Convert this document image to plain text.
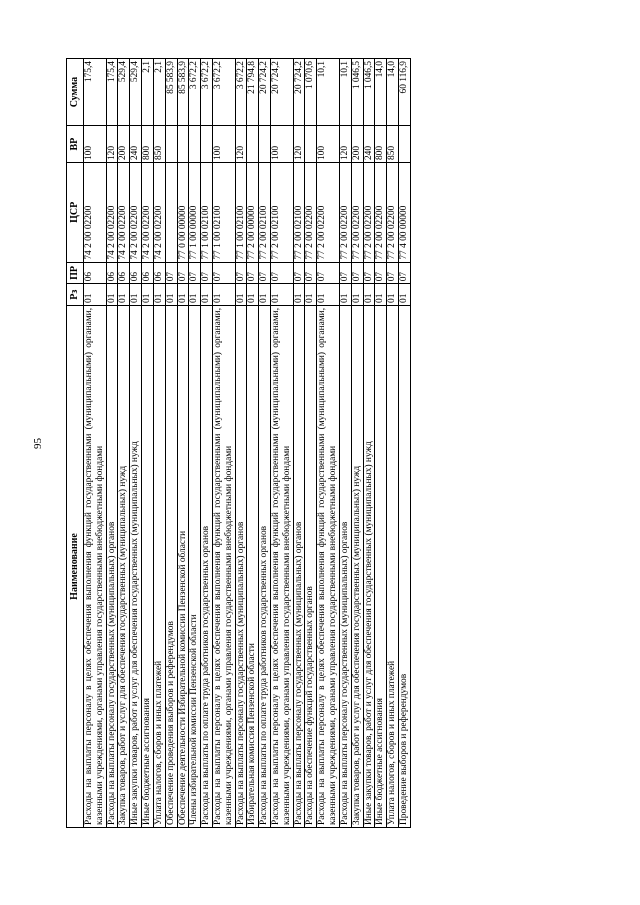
95
Наименование	Рз	ПР	ЦСР	ВР	Сумма
Расходы на выплаты персоналу в целях обеспечения выполнения функций государственными (муниципальными) органами, казенными учреждениями, органами управления государственными внебюджетными фондами	01	06	74 2 00 02200	100	175,4
Расходы на выплаты персоналу государственных (муниципальных) органов	01	06	74 2 00 02200	120	175,4
Закупка товаров, работ и услуг для обеспечения государственных (муниципальных) нужд	01	06	74 2 00 02200	200	529,4
Иные закупки товаров, работ и услуг для обеспечения государственных (муниципальных) нужд	01	06	74 2 00 02200	240	529,4
Иные бюджетные ассигнования	01	06	74 2 00 02200	800	2,1
Уплата налогов, сборов и иных платежей	01	06	74 2 00 02200	850	2,1
Обеспечение проведения выборов и референдумов	01	07			85 583,9
Обеспечение деятельности Избирательной комиссии Пензенской области	01	07	77 0 00 00000		85 583,9
Члены избирательной комиссии Пензенской области	01	07	77 1 00 00000		3 672,2
Расходы на выплаты по оплате труда работников государственных органов	01	07	77 1 00 02100		3 672,2
Расходы на выплаты персоналу в целях обеспечения выполнения функций государственными (муниципальными) органами, казенными учреждениями, органами управления государственными внебюджетными фондами	01	07	77 1 00 02100	100	3 672,2
Расходы на выплаты персоналу государственных (муниципальных) органов	01	07	77 1 00 02100	120	3 672,2
Избирательная комиссия Пензенской области	01	07	77 2 00 00000		21 794,8
Расходы на выплаты по оплате труда работников государственных органов	01	07	77 2 00 02100		20 724,2
Расходы на выплаты персоналу в целях обеспечения выполнения функций государственными (муниципальными) органами, казенными учреждениями, органами управления государственными внебюджетными фондами	01	07	77 2 00 02100	100	20 724,2
Расходы на выплаты персоналу государственных (муниципальных) органов	01	07	77 2 00 02100	120	20 724,2
Расходы на обеспечение функций государственных органов	01	07	77 2 00 02200		1 070,6
Расходы на выплаты персоналу в целях обеспечения выполнения функций государственными (муниципальными) органами, казенными учреждениями, органами управления государственными внебюджетными фондами	01	07	77 2 00 02200	100	10,1
Расходы на выплаты персоналу государственных (муниципальных) органов	01	07	77 2 00 02200	120	10,1
Закупка товаров, работ и услуг для обеспечения государственных (муниципальных) нужд	01	07	77 2 00 02200	200	1 046,5
Иные закупки товаров, работ и услуг для обеспечения государственных (муниципальных) нужд	01	07	77 2 00 02200	240	1 046,5
Иные бюджетные ассигнования	01	07	77 2 00 02200	800	14,0
Уплата налогов, сборов и иных платежей	01	07	77 2 00 02200	850	14,0
Проведение выборов и референдумов	01	07	77 4 00 00000		60 116,9
